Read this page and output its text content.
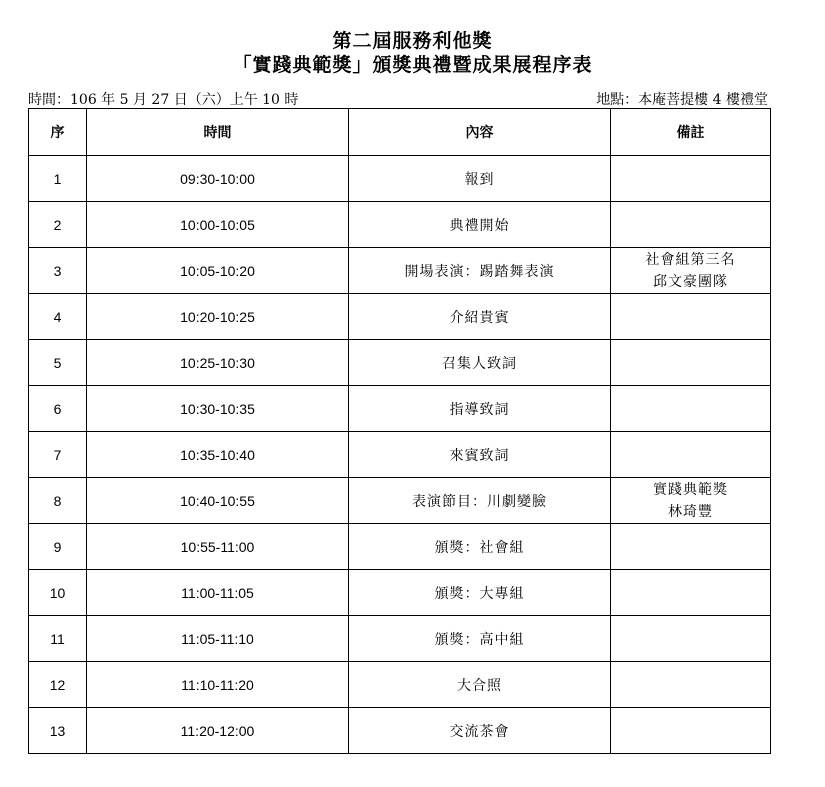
第二屆服務利他獎
「實踐典範獎」頒獎典禮暨成果展程序表
時間：106 年 5 月 27 日（六）上午 10 時	地點：本庵菩提樓 4 樓禮堂
序	時間	內容	備註
1	09:30-10:00	報到	

2	10:00-10:05	典禮開始	

3	10:05-10:20	開場表演：踢踏舞表演	社會組第三名
邱文豪團隊

4	10:20-10:25	介紹貴賓	

5	10:25-10:30	召集人致詞	

6	10:30-10:35	指導致詞	

7	10:35-10:40	來賓致詞	

8	10:40-10:55	表演節目：川劇變臉	實踐典範獎
林琦豐

9	10:55-11:00	頒獎：社會組	

10	11:00-11:05	頒獎：大專組	

11	11:05-11:10	頒獎：高中組	

12	11:10-11:20	大合照	

13	11:20-12:00	交流茶會	
